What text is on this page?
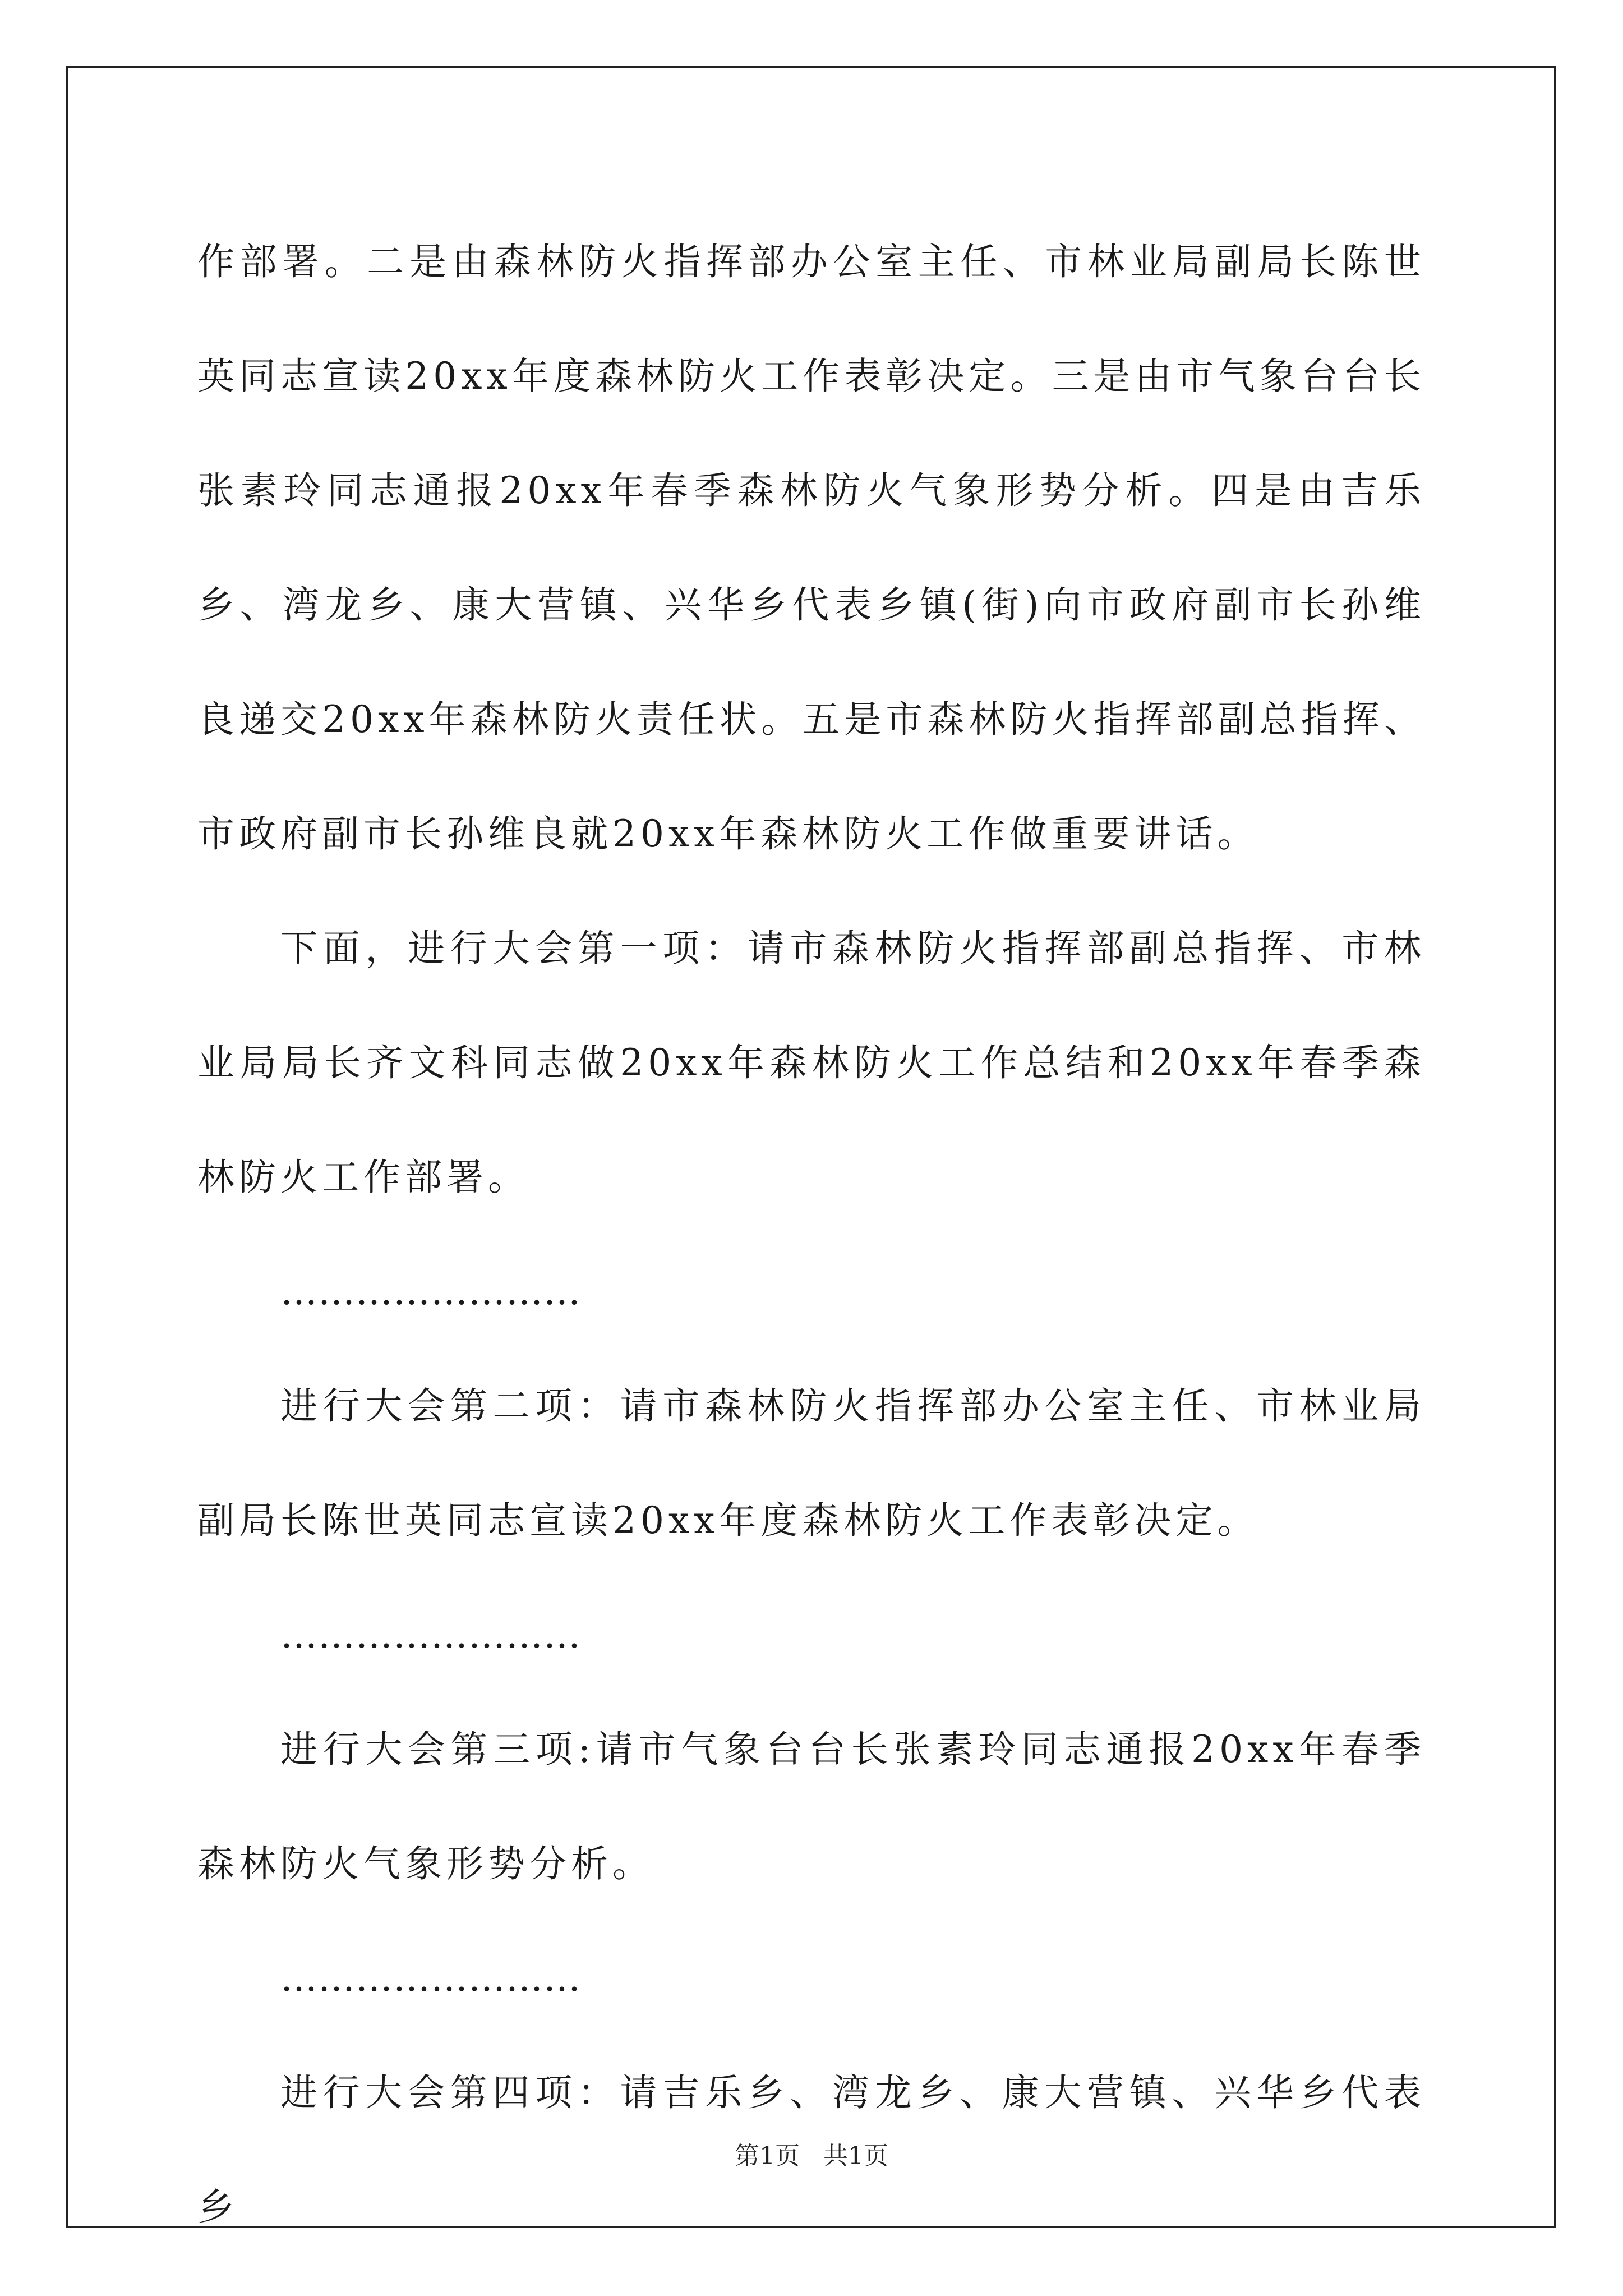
作部署。二是由森林防火指挥部办公室主任、市林业局副局长陈世英同志宣读20xx年度森林防火工作表彰决定。三是由市气象台台长张素玲同志通报20xx年春季森林防火气象形势分析。四是由吉乐乡、湾龙乡、康大营镇、兴华乡代表乡镇(街)向市政府副市长孙维良递交20xx年森林防火责任状。五是市森林防火指挥部副总指挥、市政府副市长孙维良就20xx年森林防火工作做重要讲话。

下面，进行大会第一项：请市森林防火指挥部副总指挥、市林业局局长齐文科同志做20xx年森林防火工作总结和20xx年春季森林防火工作部署。

……………………

进行大会第二项：请市森林防火指挥部办公室主任、市林业局副局长陈世英同志宣读20xx年度森林防火工作表彰决定。

……………………

进行大会第三项:请市气象台台长张素玲同志通报20xx年春季森林防火气象形势分析。

……………………

进行大会第四项：请吉乐乡、湾龙乡、康大营镇、兴华乡代表乡

第1页   共1页
